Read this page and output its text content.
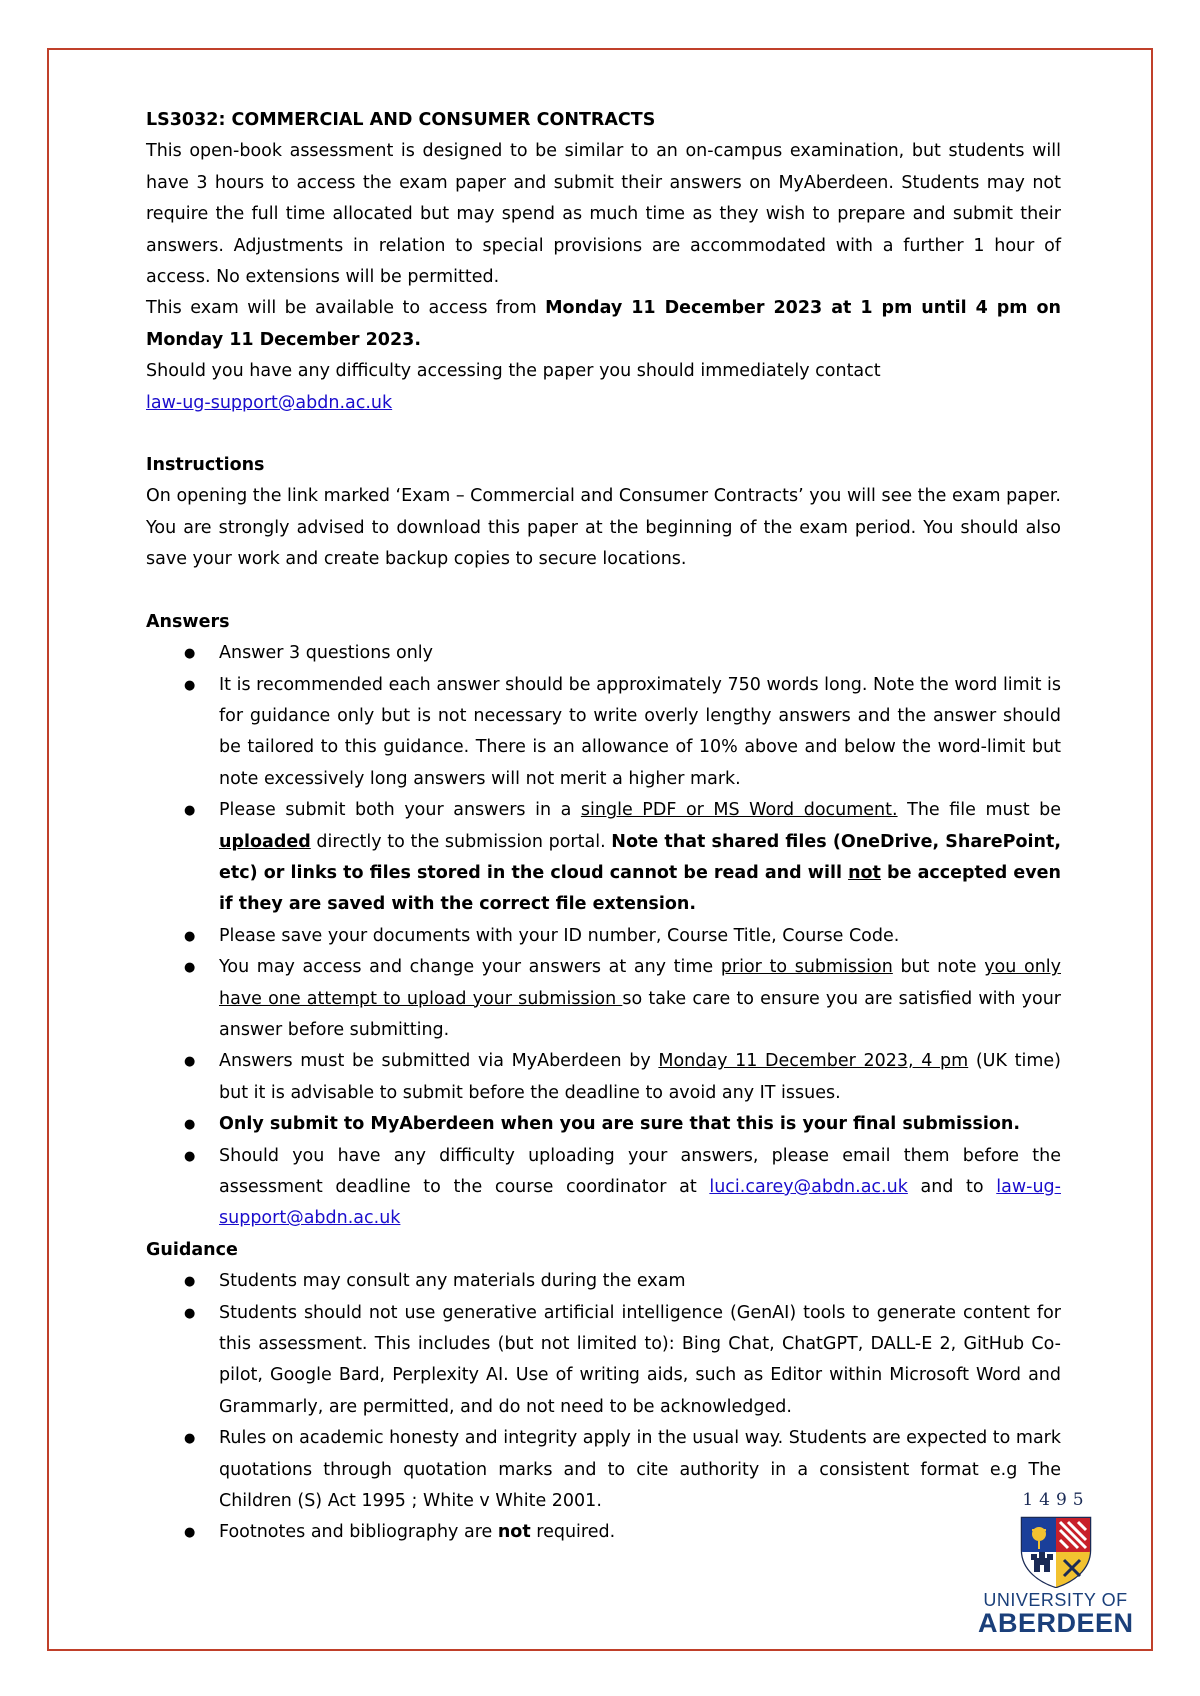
LS3032: COMMERCIAL AND CONSUMER CONTRACTS

This open-book assessment is designed to be similar to an on-campus examination, but students will have 3 hours to access the exam paper and submit their answers on MyAberdeen. Students may not require the full time allocated but may spend as much time as they wish to prepare and submit their answers. Adjustments in relation to special provisions are accommodated with a further 1 hour of access. No extensions will be permitted.

This exam will be available to access from Monday 11 December 2023 at 1 pm until 4 pm on Monday 11 December 2023.

Should you have any difficulty accessing the paper you should immediately contact
law-ug-support@abdn.ac.uk

Instructions

On opening the link marked ‘Exam – Commercial and Consumer Contracts’ you will see the exam paper. You are strongly advised to download this paper at the beginning of the exam period. You should also save your work and create backup copies to secure locations.

Answers

● Answer 3 questions only
● It is recommended each answer should be approximately 750 words long. Note the word limit is for guidance only but is not necessary to write overly lengthy answers and the answer should be tailored to this guidance. There is an allowance of 10% above and below the word-limit but note excessively long answers will not merit a higher mark.
● Please submit both your answers in a single PDF or MS Word document. The file must be uploaded directly to the submission portal. Note that shared files (OneDrive, SharePoint, etc) or links to files stored in the cloud cannot be read and will not be accepted even if they are saved with the correct file extension.
● Please save your documents with your ID number, Course Title, Course Code.
● You may access and change your answers at any time prior to submission but note you only have one attempt to upload your submission so take care to ensure you are satisfied with your answer before submitting.
● Answers must be submitted via MyAberdeen by Monday 11 December 2023, 4 pm (UK time) but it is advisable to submit before the deadline to avoid any IT issues.
● Only submit to MyAberdeen when you are sure that this is your final submission.
● Should you have any difficulty uploading your answers, please email them before the assessment deadline to the course coordinator at luci.carey@abdn.ac.uk and to law-ug-support@abdn.ac.uk

Guidance

● Students may consult any materials during the exam
● Students should not use generative artificial intelligence (GenAI) tools to generate content for this assessment. This includes (but not limited to): Bing Chat, ChatGPT, DALL-E 2, GitHub Co-pilot, Google Bard, Perplexity AI. Use of writing aids, such as Editor within Microsoft Word and Grammarly, are permitted, and do not need to be acknowledged.
● Rules on academic honesty and integrity apply in the usual way. Students are expected to mark quotations through quotation marks and to cite authority in a consistent format e.g The Children (S) Act 1995 ; White v White 2001.
● Footnotes and bibliography are not required.
1495
UNIVERSITY OF
ABERDEEN
